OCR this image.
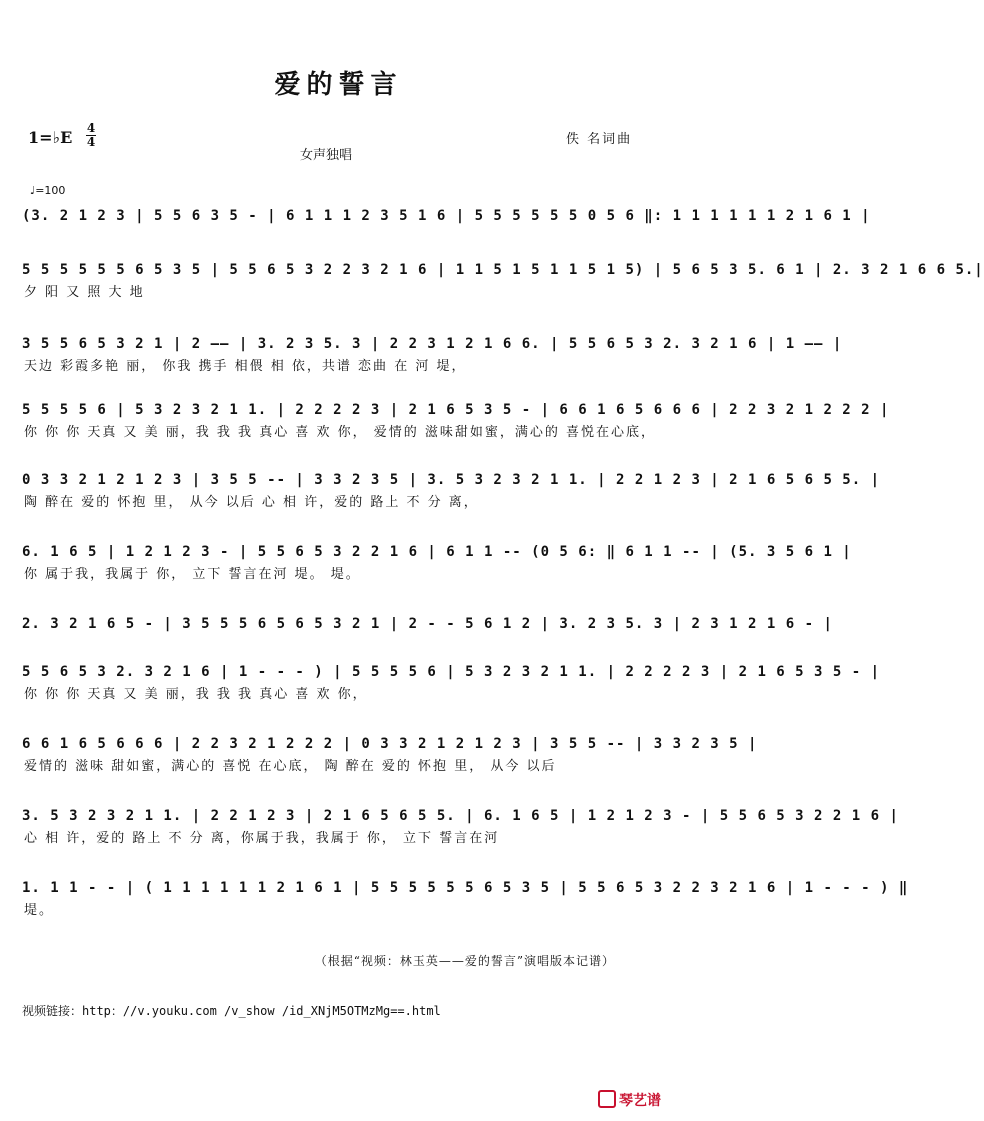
爱的誓言
1=♭E 4
4
女声独唱
佚 名词曲
♩=100
(3. 2 1 2 3 | 5 5 6 3 5 - | 6 1 1 1 2 3 5 1 6 | 5 5 5 5 5 5 0 5 6 ‖: 1 1 1 1 1 1 2 1 6 1 |
5 5 5 5 5 5 6 5 3 5 | 5 5 6 5 3 2 2 3 2 1 6 | 1 1 5 1 5 1 1 5 1 5) | 5 6 5 3 5. 6 1 | 2. 3 2 1 6 6 5.|
夕 阳 又 照 大 地
3 5 5 6 5 3 2 1 | 2 —— | 3. 2 3 5. 3 | 2 2 3 1 2 1 6 6. | 5 5 6 5 3 2. 3 2 1 6 | 1 —— |
天边 彩霞多艳 丽， 你我 携手 相偎 相 依，共谱 恋曲 在 河 堤，
5 5 5 5 6 | 5 3 2 3 2 1 1. | 2 2 2 2 3 | 2 1 6 5 3 5 - | 6 6 1 6 5 6 6 6 | 2 2 3 2 1 2 2 2 |
你 你 你 天真 又 美 丽，我 我 我 真心 喜 欢 你， 爱情的 滋味甜如蜜，满心的 喜悦在心底，
0 3 3 2 1 2 1 2 3 | 3 5 5 -- | 3 3 2 3 5 | 3. 5 3 2 3 2 1 1. | 2 2 1 2 3 | 2 1 6 5 6 5 5. |
陶 醉在 爱的 怀抱 里， 从今 以后 心 相 许，爱的 路上 不 分 离，
6. 1 6 5 | 1 2 1 2 3 - | 5 5 6 5 3 2 2 1 6 | 6 1 1 -- (0 5 6: ‖ 6 1 1 -- | (5. 3 5 6 1 |
你 属于我，我属于 你， 立下 誓言在河 堤。 堤。
2. 3 2 1 6 5 - | 3 5 5 5 6 5 6 5 3 2 1 | 2 - - 5 6 1 2 | 3. 2 3 5. 3 | 2 3 1 2 1 6 - |
5 5 6 5 3 2. 3 2 1 6 | 1 - - - ) | 5 5 5 5 6 | 5 3 2 3 2 1 1. | 2 2 2 2 3 | 2 1 6 5 3 5 - |
你 你 你 天真 又 美 丽，我 我 我 真心 喜 欢 你，
6 6 1 6 5 6 6 6 | 2 2 3 2 1 2 2 2 | 0 3 3 2 1 2 1 2 3 | 3 5 5 -- | 3 3 2 3 5 |
爱情的 滋味 甜如蜜，满心的 喜悦 在心底， 陶 醉在 爱的 怀抱 里， 从今 以后
3. 5 3 2 3 2 1 1. | 2 2 1 2 3 | 2 1 6 5 6 5 5. | 6. 1 6 5 | 1 2 1 2 3 - | 5 5 6 5 3 2 2 1 6 |
心 相 许，爱的 路上 不 分 离，你属于我，我属于 你， 立下 誓言在河
1. 1 1 - - | ( 1 1 1 1 1 1 2 1 6 1 | 5 5 5 5 5 5 6 5 3 5 | 5 5 6 5 3 2 2 3 2 1 6 | 1 - - - ) ‖
堤。
（根据“视频：林玉英——爱的誓言”演唱版本记谱）
视频链接：http：//v.youku.com /v_show /id_XNjM5OTMzMg==.html
琴艺谱
